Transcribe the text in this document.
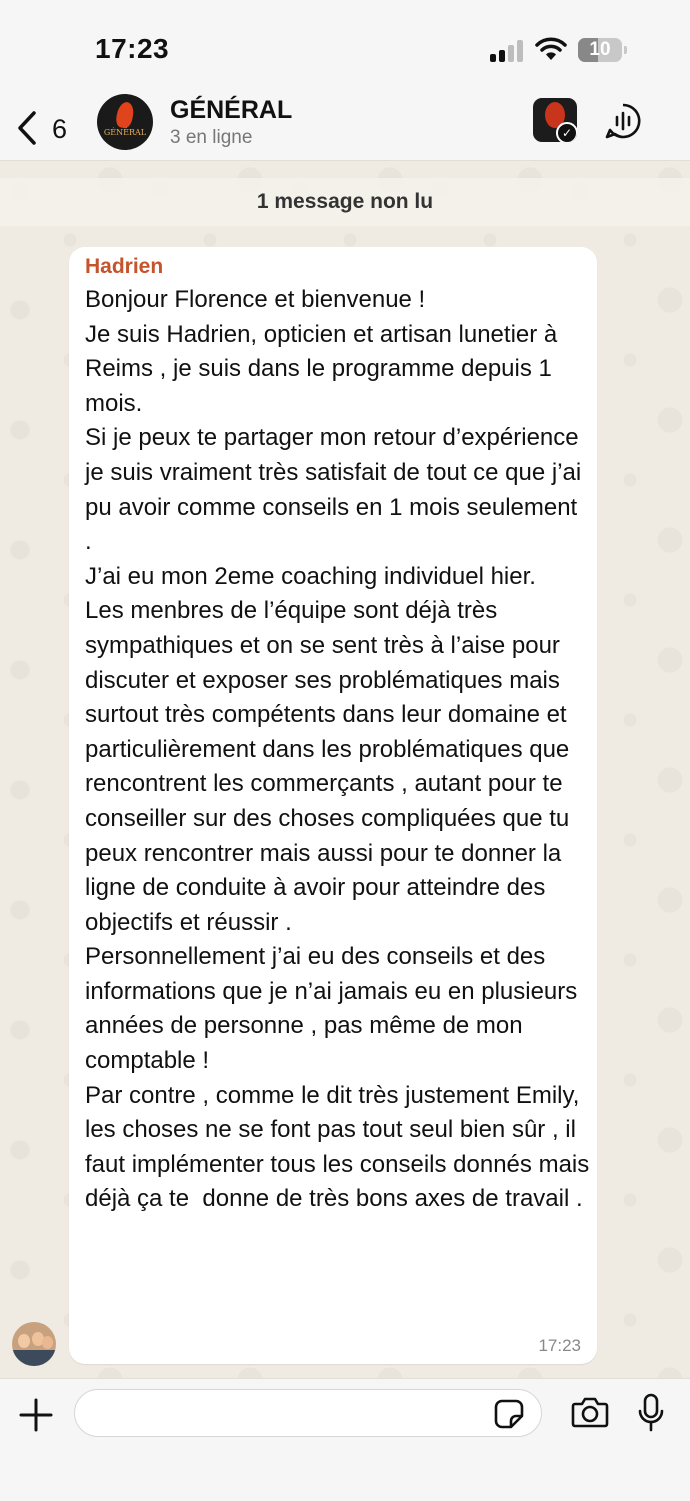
17:23	10
6	GÉNÉRAL
GÉNÉRAL
3 en ligne	✓
1 message non lu
Hadrien
Bonjour Florence et bienvenue !
Je suis Hadrien, opticien et artisan lunetier à Reims , je suis dans le programme depuis 1 mois.
Si je peux te partager mon retour d’expérience je suis vraiment très satisfait de tout ce que j’ai pu avoir comme conseils en 1 mois seulement .
J’ai eu mon 2eme coaching individuel hier.
Les menbres de l’équipe sont déjà très sympathiques et on se sent très à l’aise pour discuter et exposer ses problématiques mais surtout très compétents dans leur domaine et particulièrement dans les problématiques que rencontrent les commerçants , autant pour te conseiller sur des choses compliquées que tu peux rencontrer mais aussi pour te donner la ligne de conduite à avoir pour atteindre des objectifs et réussir .
Personnellement j’ai eu des conseils et des informations que je n’ai jamais eu en plusieurs années de personne , pas même de mon comptable !
Par contre , comme le dit très justement Emily, les choses ne se font pas tout seul bien sûr , il faut implémenter tous les conseils donnés mais déjà ça te  donne de très bons axes de travail .
17:23
